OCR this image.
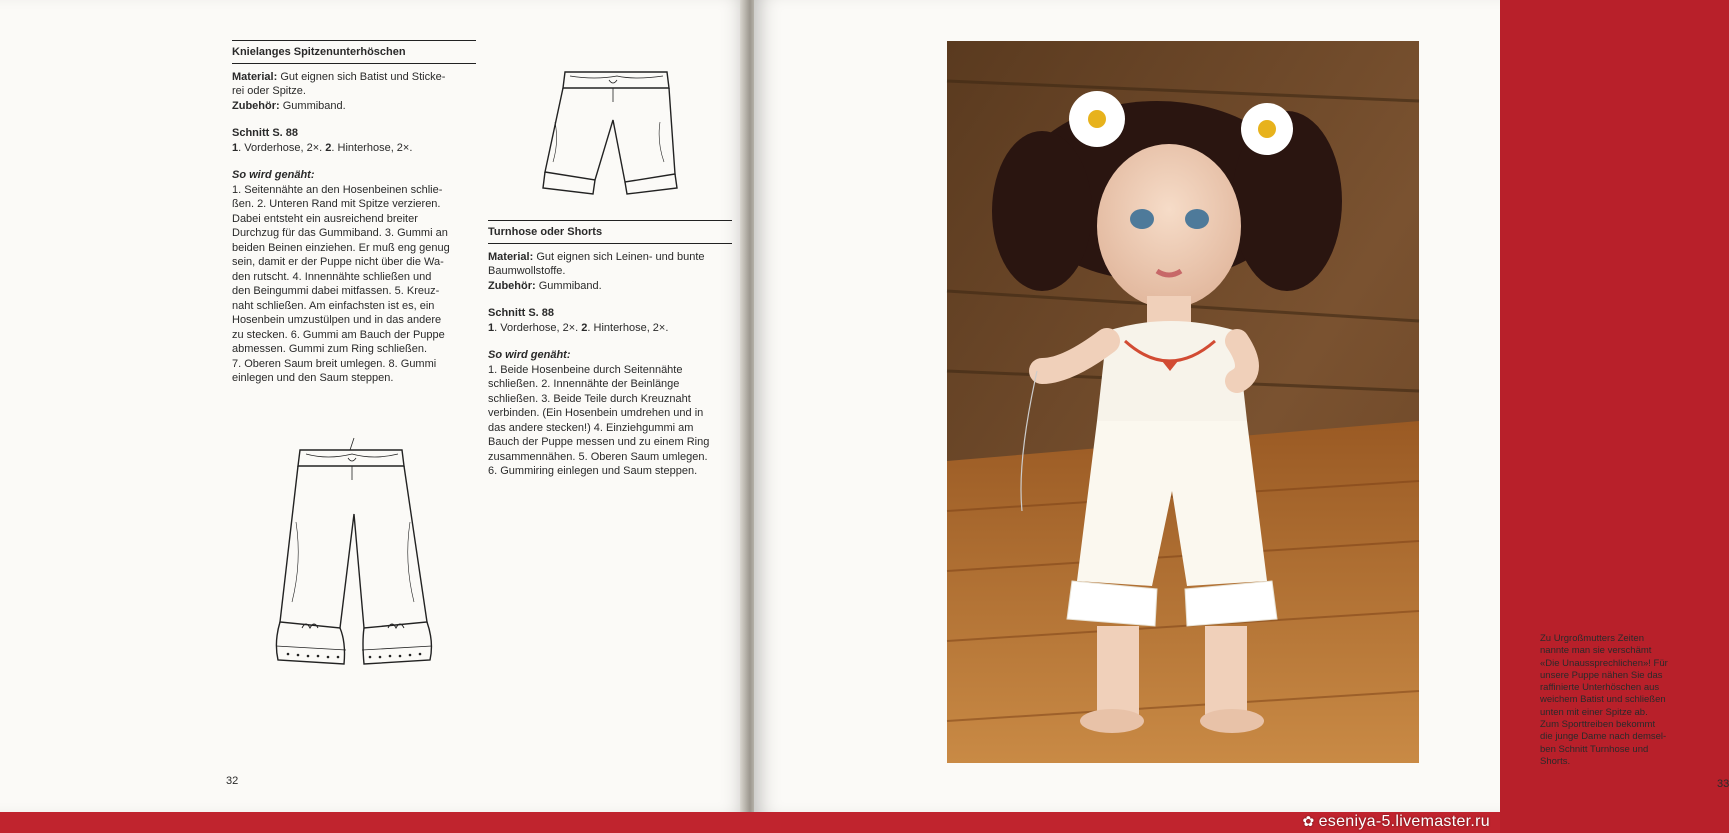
Knielanges Spitzenunterhöschen

Material: Gut eignen sich Batist und Sticke-

rei oder Spitze.

Zubehör: Gummiband.

Schnitt S. 88

1. Vorderhose, 2×. 2. Hinterhose, 2×.

So wird genäht:

1. Seitennähte an den Hosenbeinen schlie-

ßen. 2. Unteren Rand mit Spitze verzieren.

Dabei entsteht ein ausreichend breiter

Durchzug für das Gummiband. 3. Gummi an

beiden Beinen einziehen. Er muß eng genug

sein, damit er der Puppe nicht über die Wa-

den rutscht. 4. Innennähte schließen und

den Beingummi dabei mitfassen. 5. Kreuz-

naht schließen. Am einfachsten ist es, ein

Hosenbein umzustülpen und in das andere

zu stecken. 6. Gummi am Bauch der Puppe

abmessen. Gummi zum Ring schließen.

7. Oberen Saum breit umlegen. 8. Gummi

einlegen und den Saum steppen.

Turnhose oder Shorts

Material: Gut eignen sich Leinen- und bunte

Baumwollstoffe.

Zubehör: Gummiband.

Schnitt S. 88

1. Vorderhose, 2×. 2. Hinterhose, 2×.

So wird genäht:

1. Beide Hosenbeine durch Seitennähte

schließen. 2. Innennähte der Beinlänge

schließen. 3. Beide Teile durch Kreuznaht

verbinden. (Ein Hosenbein umdrehen und in

das andere stecken!) 4. Einziehgummi am

Bauch der Puppe messen und zu einem Ring

zusammennähen. 5. Oberen Saum umlegen.

6. Gummiring einlegen und Saum steppen.

32
Zu Urgroßmutters Zeiten
nannte man sie verschämt
«Die Unaussprechlichen»! Für
unsere Puppe nähen Sie das
raffinierte Unterhöschen aus
weichem Batist und schließen
unten mit einer Spitze ab.
Zum Sporttreiben bekommt
die junge Dame nach demsel-
ben Schnitt Turnhose und
Shorts.
33
✿ eseniya-5.livemaster.ru
